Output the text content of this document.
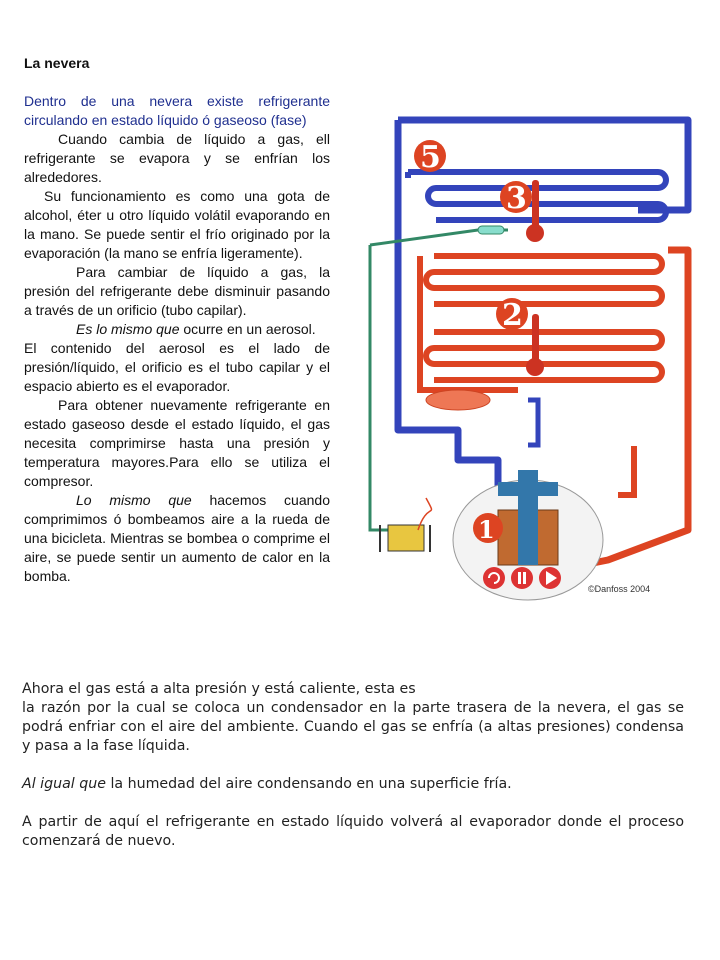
La nevera

Dentro de una nevera existe refrigerante circulando en estado líquido ó gaseoso (fase)

Cuando cambia de líquido a gas, ell refrigerante se evapora y se enfrían los alrededores.

Su funcionamiento es como una gota de alcohol, éter u otro líquido volátil evaporando en la mano. Se puede sentir el frío originado por la evaporación (la mano se enfría ligeramente).

Para cambiar de líquido a gas, la presión del refrigerante debe disminuir pasando a través de un orificio (tubo capilar).

Es lo mismo que ocurre en un aerosol.

El contenido del aerosol es el lado de presión/líquido, el orificio es el tubo capilar y el espacio abierto es el evaporador.

Para obtener nuevamente refrigerante en estado gaseoso desde el estado líquido, el gas necesita comprimirse hasta una presión y temperatura mayores.Para ello se utiliza el compresor.

Lo mismo que hacemos cuando comprimimos ó bombeamos aire a la rueda de una bicicleta. Mientras se bombea o comprime el aire, se puede sentir un aumento de calor en la bomba.

1
©Danfoss 2004
5
3
2

Ahora el gas está a alta presión y está caliente, esta es
la razón por la cual se coloca un condensador en la parte trasera de la nevera, el gas se podrá enfriar con el aire del ambiente. Cuando el gas se enfría (a altas presiones) condensa y pasa a la fase líquida.

Al igual que la humedad del aire condensando en una superficie fría.

A partir de aquí el refrigerante en estado líquido volverá al evaporador donde el proceso comenzará de nuevo.
